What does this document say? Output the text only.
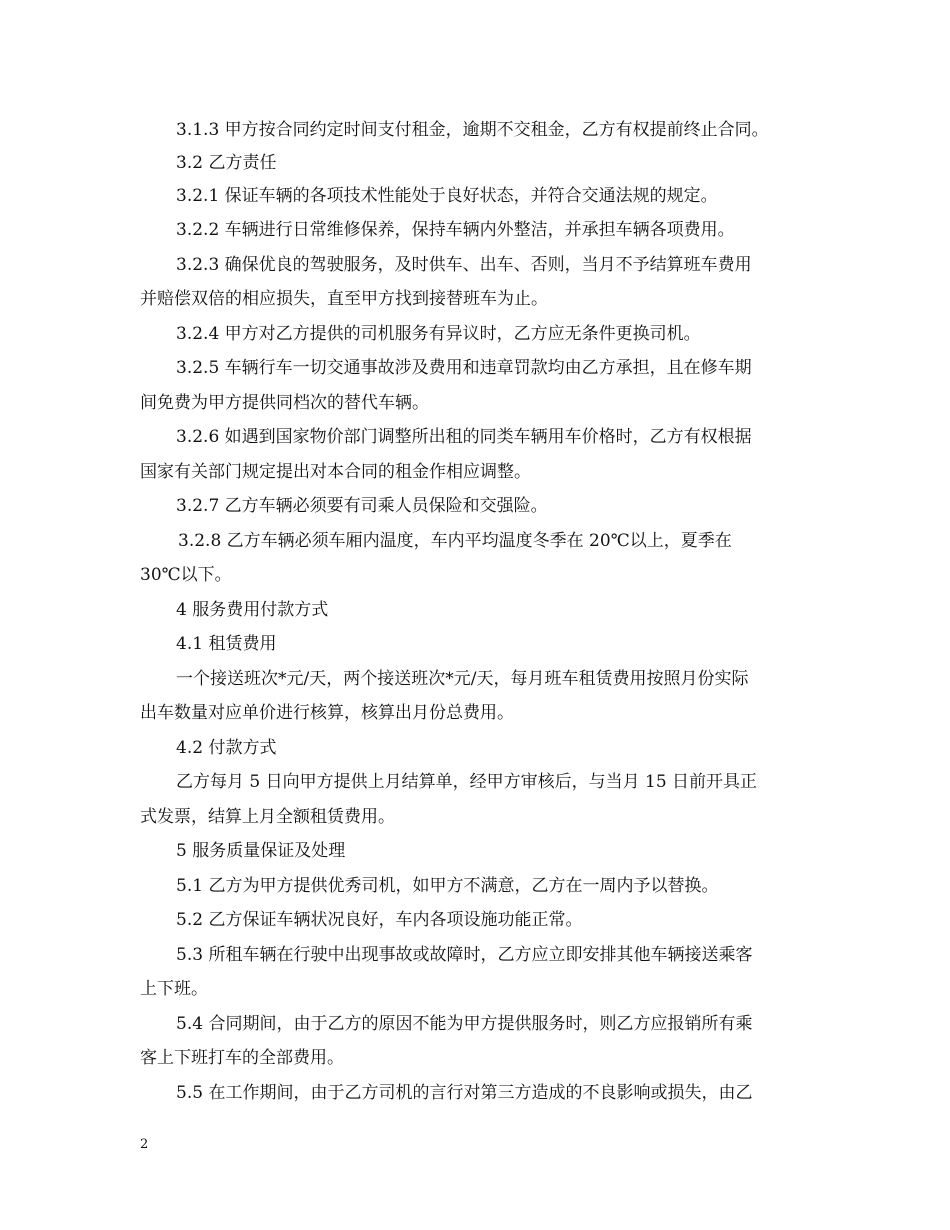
3.1.3 甲方按合同约定时间支付租金，逾期不交租金，乙方有权提前终止合同。
3.2 乙方责任
3.2.1 保证车辆的各项技术性能处于良好状态，并符合交通法规的规定。
3.2.2 车辆进行日常维修保养，保持车辆内外整洁，并承担车辆各项费用。
3.2.3 确保优良的驾驶服务，及时供车、出车、否则，当月不予结算班车费用
并赔偿双倍的相应损失，直至甲方找到接替班车为止。
3.2.4 甲方对乙方提供的司机服务有异议时，乙方应无条件更换司机。
3.2.5 车辆行车一切交通事故涉及费用和违章罚款均由乙方承担，且在修车期
间免费为甲方提供同档次的替代车辆。
3.2.6 如遇到国家物价部门调整所出租的同类车辆用车价格时，乙方有权根据
国家有关部门规定提出对本合同的租金作相应调整。
3.2.7 乙方车辆必须要有司乘人员保险和交强险。
3.2.8 乙方车辆必须车厢内温度，车内平均温度冬季在 20℃以上，夏季在
30℃以下。
4 服务费用付款方式
4.1 租赁费用
一个接送班次*元/天，两个接送班次*元/天，每月班车租赁费用按照月份实际
出车数量对应单价进行核算，核算出月份总费用。
4.2 付款方式
乙方每月 5 日向甲方提供上月结算单，经甲方审核后，与当月 15 日前开具正
式发票，结算上月全额租赁费用。
5 服务质量保证及处理
5.1 乙方为甲方提供优秀司机，如甲方不满意，乙方在一周内予以替换。
5.2 乙方保证车辆状况良好，车内各项设施功能正常。
5.3 所租车辆在行驶中出现事故或故障时，乙方应立即安排其他车辆接送乘客
上下班。
5.4 合同期间，由于乙方的原因不能为甲方提供服务时，则乙方应报销所有乘
客上下班打车的全部费用。
5.5 在工作期间，由于乙方司机的言行对第三方造成的不良影响或损失，由乙
2
